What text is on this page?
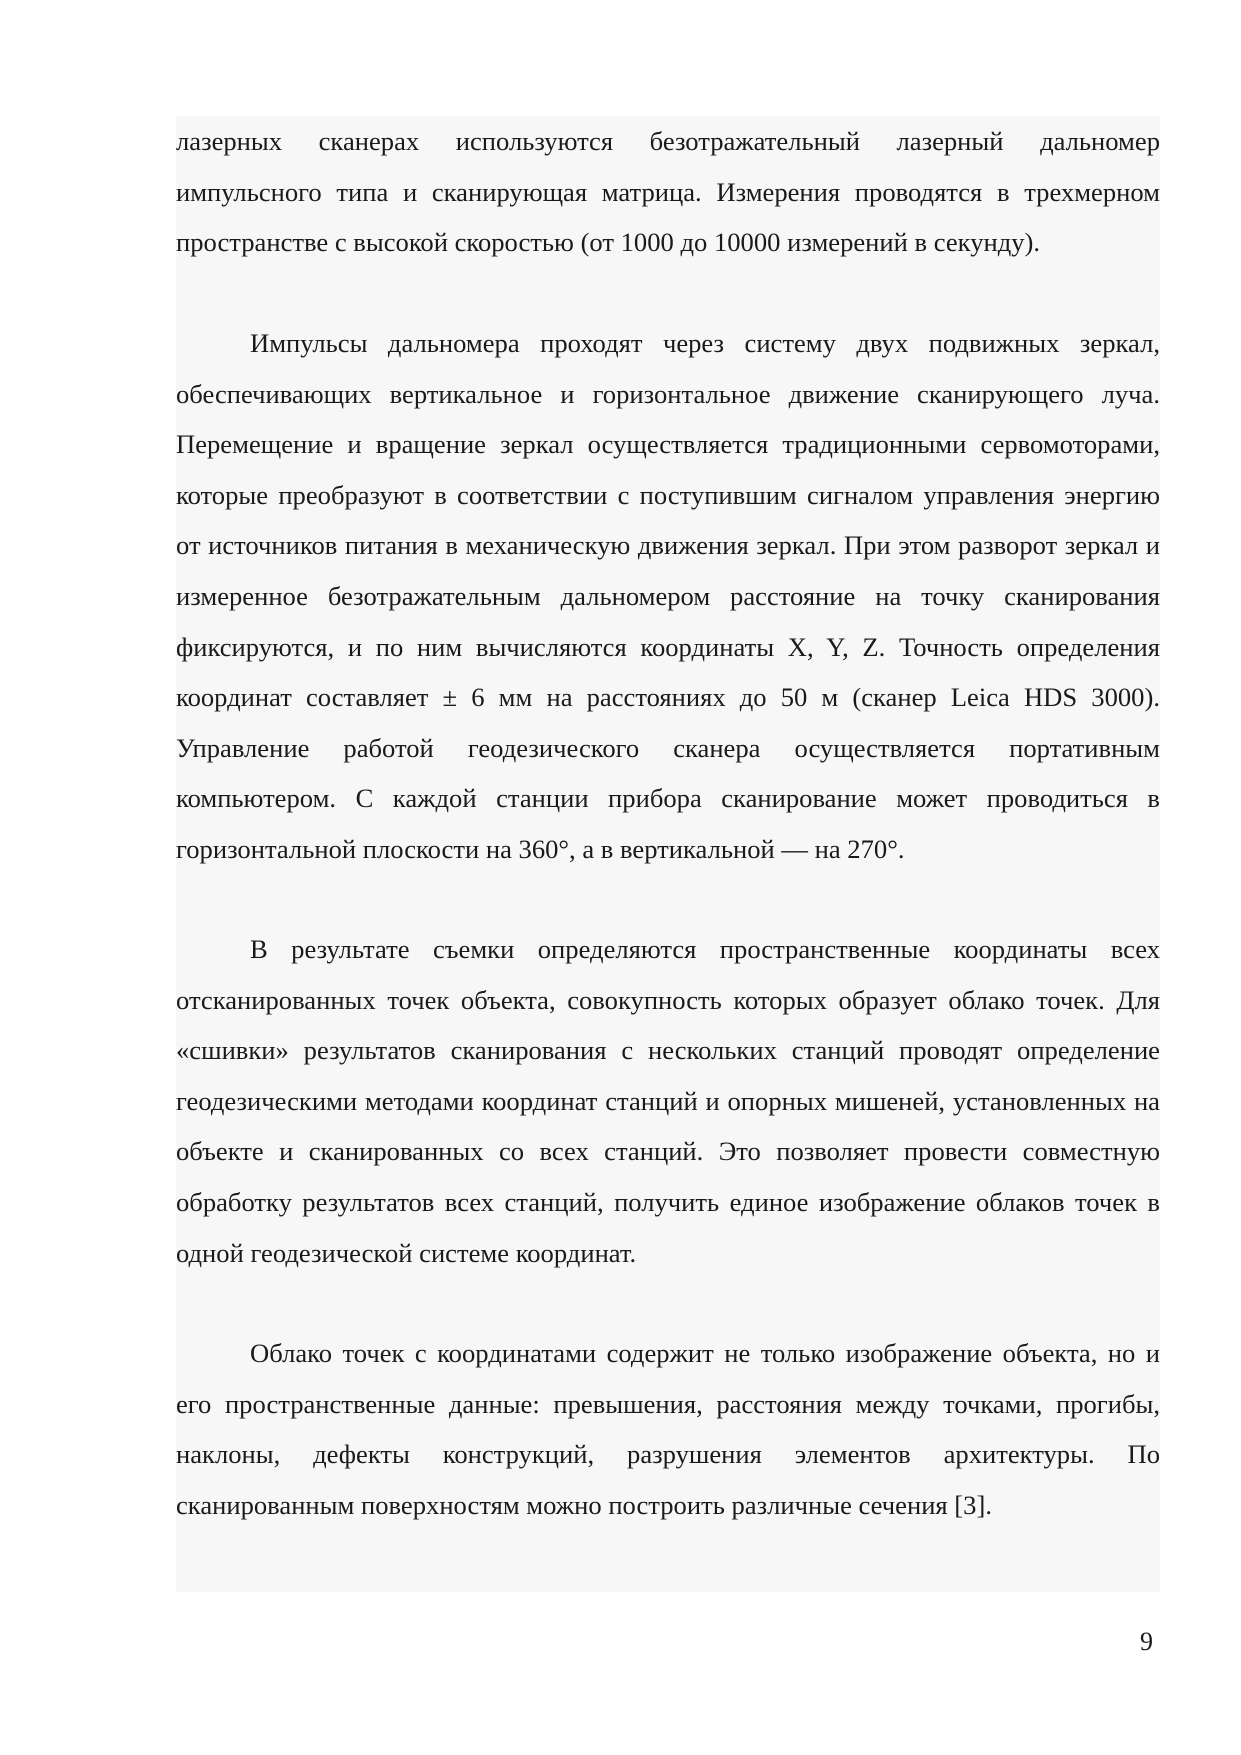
лазерных сканерах используются безотражательный лазерный дальномер импульсного типа и сканирующая матрица. Измерения проводятся в трехмерном пространстве с высокой скоростью (от 1000 до 10000 измерений в секунду).

Импульсы дальномера проходят через систему двух подвижных зеркал, обеспечивающих вертикальное и горизонтальное движение сканирующего луча. Перемещение и вращение зеркал осуществляется традиционными сервомоторами, которые преобразуют в соответствии с поступившим сигналом управления энергию от источников питания в механическую движения зеркал. При этом разворот зеркал и измеренное безотражательным дальномером расстояние на точку сканирования фиксируются, и по ним вычисляются координаты X, Y, Z. Точность определения координат составляет ± 6 мм на расстояниях до 50 м (сканер Leica HDS 3000). Управление работой геодезического сканера осуществляется портативным компьютером. С каждой станции прибора сканирование может проводиться в горизонтальной плоскости на 360°, а в вертикальной — на 270°.

В результате съемки определяются пространственные координаты всех отсканированных точек объекта, совокупность которых образует облако точек. Для «сшивки» результатов сканирования с нескольких станций проводят определение геодезическими методами координат станций и опорных мишеней, установленных на объекте и сканированных со всех станций. Это позволяет провести совместную обработку результатов всех станций, получить единое изображение облаков точек в одной геодезической системе координат.

Облако точек с координатами содержит не только изображение объекта, но и его пространственные данные: превышения, расстояния между точками, прогибы, наклоны, дефекты конструкций, разрушения элементов архитектуры. По сканированным поверхностям можно построить различные сечения [3].

9
